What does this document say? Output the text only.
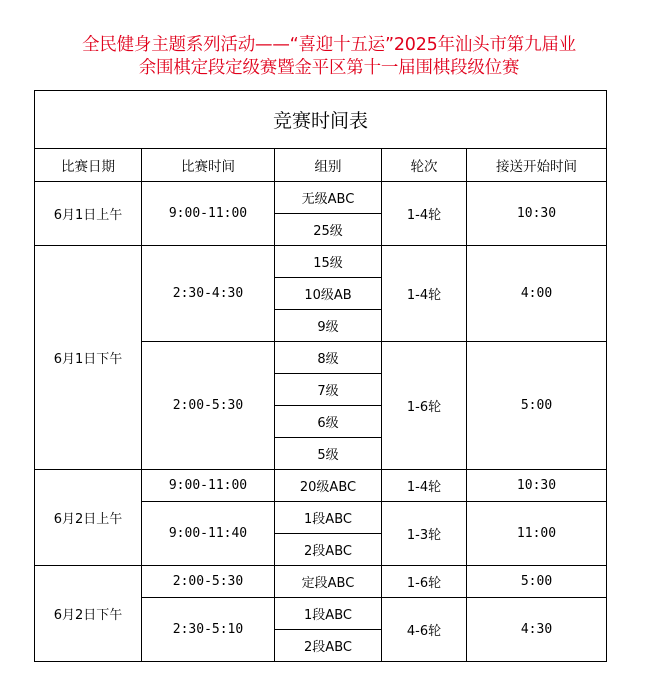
全民健身主题系列活动——“喜迎十五运”2025年汕头市第九届业
余围棋定段定级赛暨金平区第十一届围棋段级位赛
竞赛时间表				
比赛日期	比赛时间	组别	轮次	接送开始时间
6月1日上午	9:00-11:00	无级ABC	1-4轮	10:30
		25级		
6月1日下午	2:30-4:30	15级	1-4轮	4:00
		10级AB		
		9级		
	2:00-5:30	8级	1-6轮	5:00
		7级		
		6级		
		5级		
6月2日上午	9:00-11:00	20级ABC	1-4轮	10:30
	9:00-11:40	1段ABC	1-3轮	11:00
		2段ABC		
6月2日下午	2:00-5:30	定段ABC	1-6轮	5:00
	2:30-5:10	1段ABC	4-6轮	4:30
		2段ABC		
